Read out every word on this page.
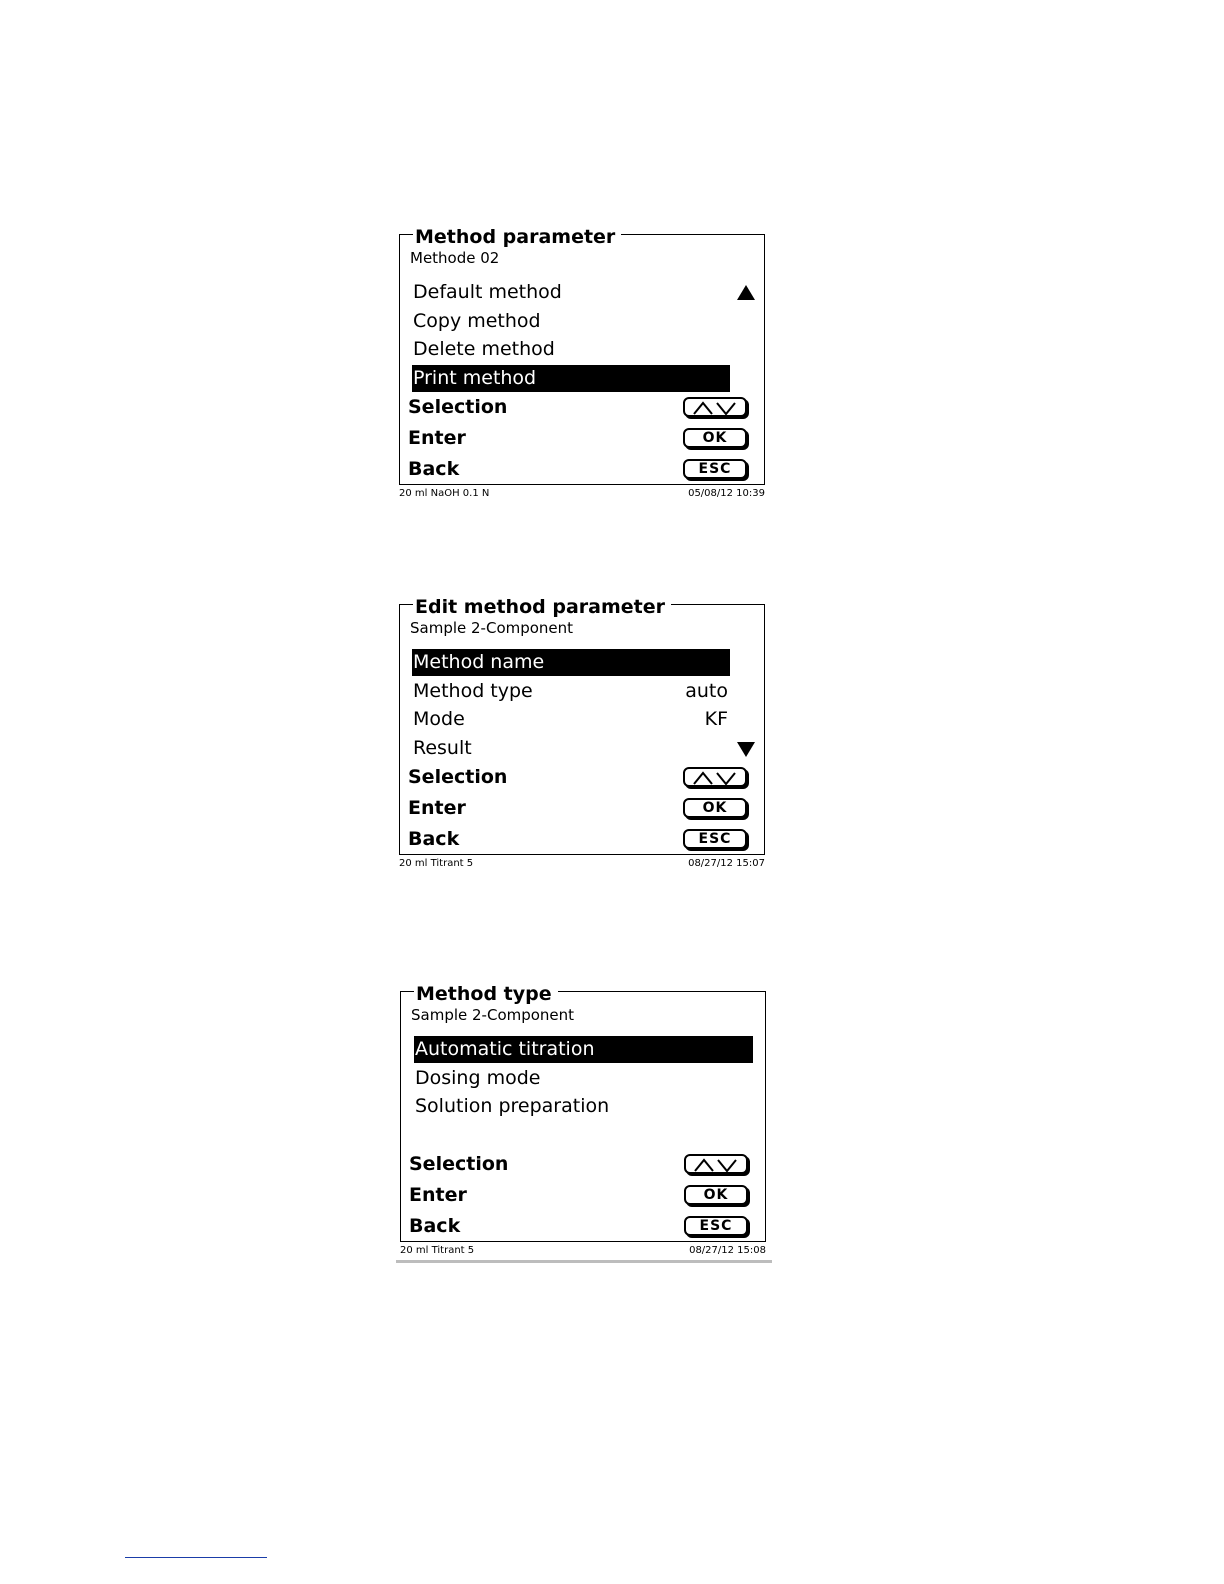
Method parameter
Methode 02
Default method
Copy method
Delete method
Print method
Selection
Enter	OK
Back	ESC
20 ml NaOH 0.1 N	05/08/12 10:39
Edit method parameter
Sample 2-Component
Method name
Method type	auto
Mode	KF
Result
Selection
Enter	OK
Back	ESC
20 ml Titrant 5	08/27/12 15:07
Method type
Sample 2-Component
Automatic titration
Dosing mode
Solution preparation
Selection
Enter	OK
Back	ESC
20 ml Titrant 5	08/27/12 15:08
